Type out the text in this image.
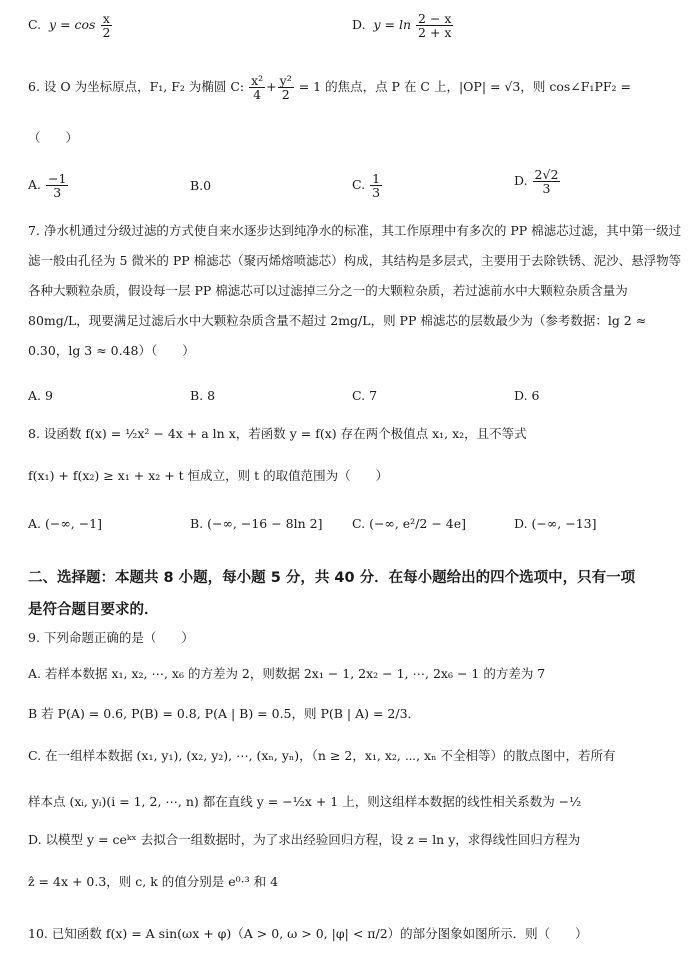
C. $y = \cos \frac{x}{2}$	D. $y = \ln \frac{2 - x}{2 + x}$
6. 设 O 为坐标原点，F₁, F₂ 为椭圆 C: $\frac{\text{x²}}{4} + \frac{\text{y²}}{2} = 1$ 的焦点，点 P 在 C 上，|OP| = √3，则 cos∠F₁PF₂ =
（　　）
A. $\frac{-1}{3}$	B.0	C. $\frac{1}{3}$	D. $\frac{2√2}{3}$
7. 净水机通过分级过滤的方式使自来水逐步达到纯净水的标准，其工作原理中有多次的 PP 棉滤芯过滤，其中第一级过滤一般由孔径为 5 微米的 PP 棉滤芯（聚丙烯熔喷滤芯）构成，其结构是多层式，主要用于去除铁锈、泥沙、悬浮物等各种大颗粒杂质，假设每一层 PP 棉滤芯可以过滤掉三分之一的大颗粒杂质，若过滤前水中大颗粒杂质含量为 80mg/L，现要满足过滤后水中大颗粒杂质含量不超过 2mg/L，则 PP 棉滤芯的层数最少为（参考数据：lg 2 ≈ 0.30，lg 3 ≈ 0.48）（　　）
A. 9	B. 8	C. 7	D. 6
8. 设函数 f(x) = ½x² − 4x + a ln x，若函数 y = f(x) 存在两个极值点 x₁, x₂，且不等式
f(x₁) + f(x₂) ≥ x₁ + x₂ + t 恒成立，则 t 的取值范围为（　　）
A. (−∞, −1]	B. (−∞, −16 − 8ln 2] C. (−∞, e²/2 − 4e]	D. (−∞, −13]
二、选择题：本题共 8 小题，每小题 5 分，共 40 分．在每小题给出的四个选项中，只有一项
是符合题目要求的．
9. 下列命题正确的是（　　）
A. 若样本数据 x₁, x₂, ⋯, x₆ 的方差为 2，则数据 2x₁ − 1, 2x₂ − 1, ⋯, 2x₆ − 1 的方差为 7
B 若 P(A) = 0.6, P(B) = 0.8, P(A | B) = 0.5，则 P(B | A) = 2/3．
C. 在一组样本数据 (x₁, y₁), (x₂, y₂), ⋯, (xₙ, yₙ)，（n ≥ 2，x₁, x₂, ⋯, xₙ 不全相等）的散点图中，若所有
样本点 (xᵢ, yᵢ)(i = 1, 2, ⋯, n) 都在直线 y = −½x + 1 上，则这组样本数据的线性相关系数为 −½
D. 以模型 y = ceᵏˣ 去拟合一组数据时，为了求出经验回归方程，设 z = ln y，求得线性回归方程为
ẑ = 4x + 0.3，则 c, k 的值分别是 e⁰·³ 和 4
10. 已知函数 f(x) = A sin(ωx + φ)（A > 0, ω > 0, |φ| < π/2）的部分图象如图所示．则（　　）
